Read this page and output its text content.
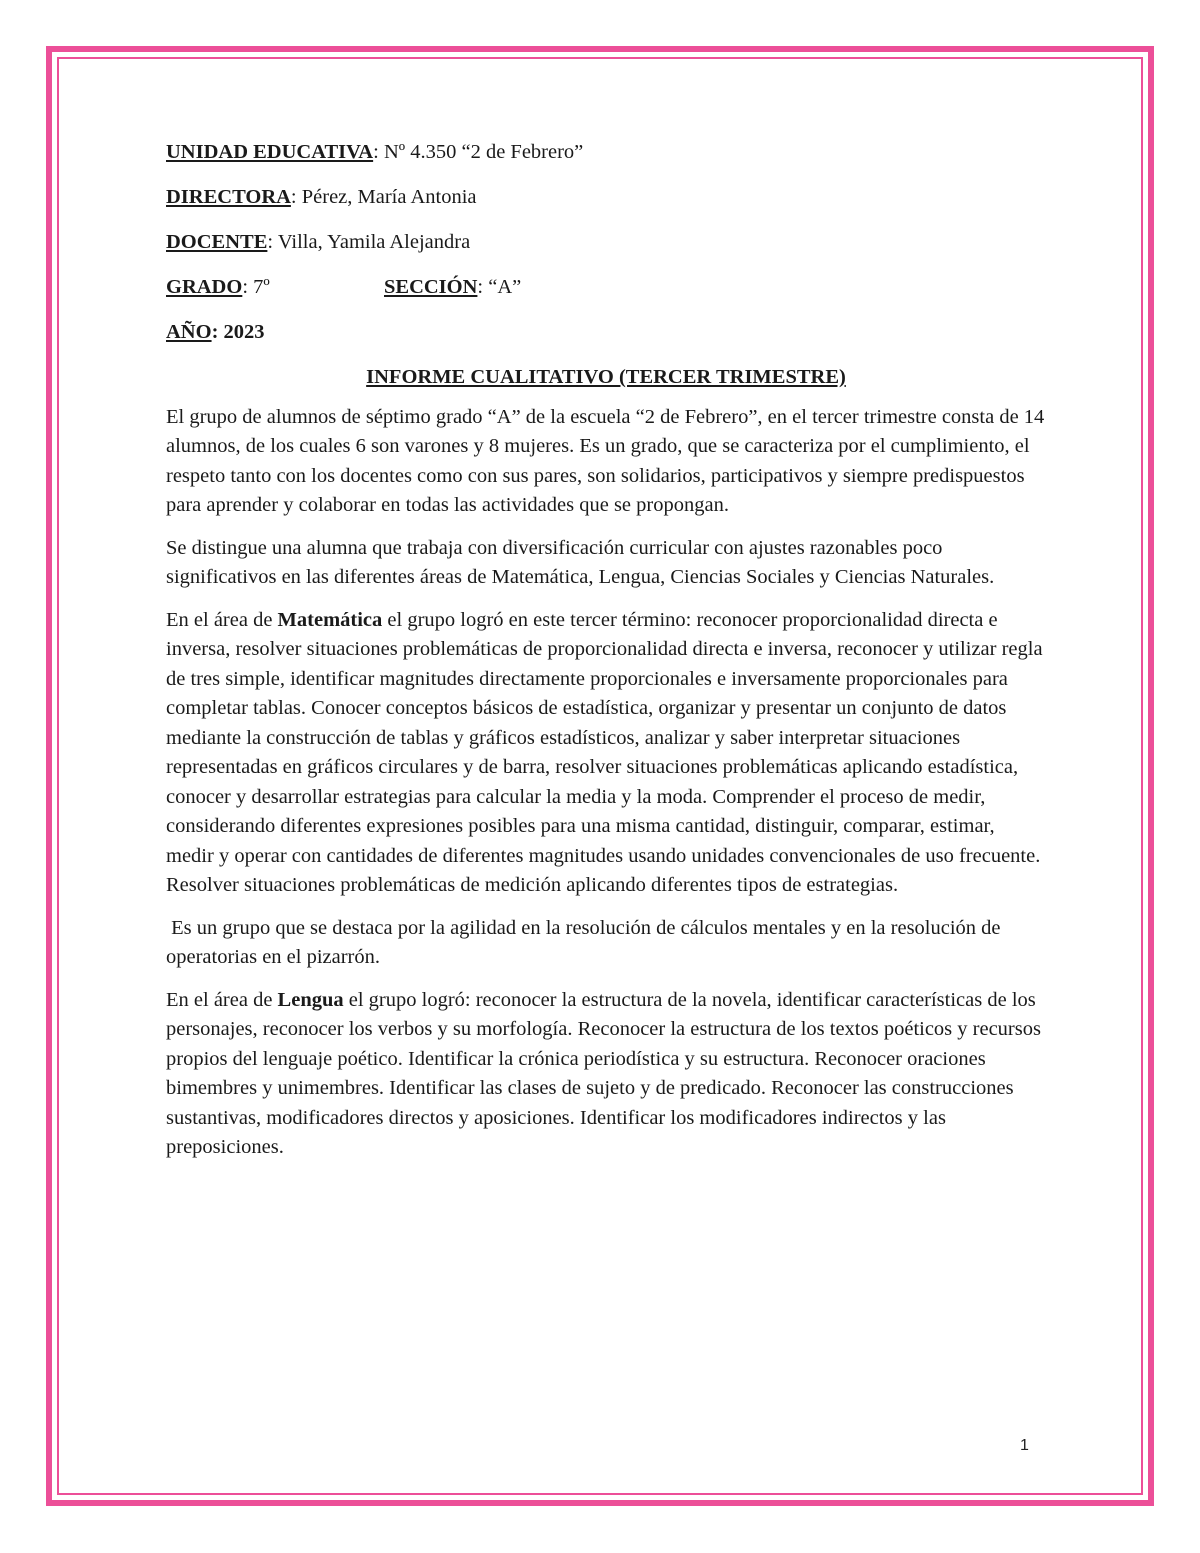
UNIDAD EDUCATIVA: Nº 4.350 “2 de Febrero”
DIRECTORA: Pérez, María Antonia
DOCENTE: Villa, Yamila Alejandra
GRADO: 7º	SECCIÓN: “A”
AÑO: 2023
INFORME CUALITATIVO (TERCER TRIMESTRE)

El grupo de alumnos de séptimo grado “A” de la escuela “2 de Febrero”, en el tercer trimestre consta de 14 alumnos, de los cuales 6 son varones y 8 mujeres. Es un grado, que se caracteriza por el cumplimiento, el respeto tanto con los docentes como con sus pares, son solidarios, participativos y siempre predispuestos para aprender y colaborar en todas las actividades que se propongan.

Se distingue una alumna que trabaja con diversificación curricular con ajustes razonables poco significativos en las diferentes áreas de Matemática, Lengua, Ciencias Sociales y Ciencias Naturales.

En el área de Matemática el grupo logró en este tercer término: reconocer proporcionalidad directa e inversa, resolver situaciones problemáticas de proporcionalidad directa e inversa, reconocer y utilizar regla de tres simple, identificar magnitudes directamente proporcionales e inversamente proporcionales para completar tablas. Conocer conceptos básicos de estadística, organizar y presentar un conjunto de datos mediante la construcción de tablas y gráficos estadísticos, analizar y saber interpretar situaciones representadas en gráficos circulares y de barra, resolver situaciones problemáticas aplicando estadística, conocer y desarrollar estrategias para calcular la media y la moda. Comprender el proceso de medir, considerando diferentes expresiones posibles para una misma cantidad, distinguir, comparar, estimar, medir y operar con cantidades de diferentes magnitudes usando unidades convencionales de uso frecuente. Resolver situaciones problemáticas de medición aplicando diferentes tipos de estrategias.

Es un grupo que se destaca por la agilidad en la resolución de cálculos mentales y en la resolución de operatorias en el pizarrón.

En el área de Lengua el grupo logró: reconocer la estructura de la novela, identificar características de los personajes, reconocer los verbos y su morfología. Reconocer la estructura de los textos poéticos y recursos propios del lenguaje poético. Identificar la crónica periodística y su estructura. Reconocer oraciones bimembres y unimembres. Identificar las clases de sujeto y de predicado. Reconocer las construcciones sustantivas, modificadores directos y aposiciones. Identificar los modificadores indirectos y las preposiciones.

1
